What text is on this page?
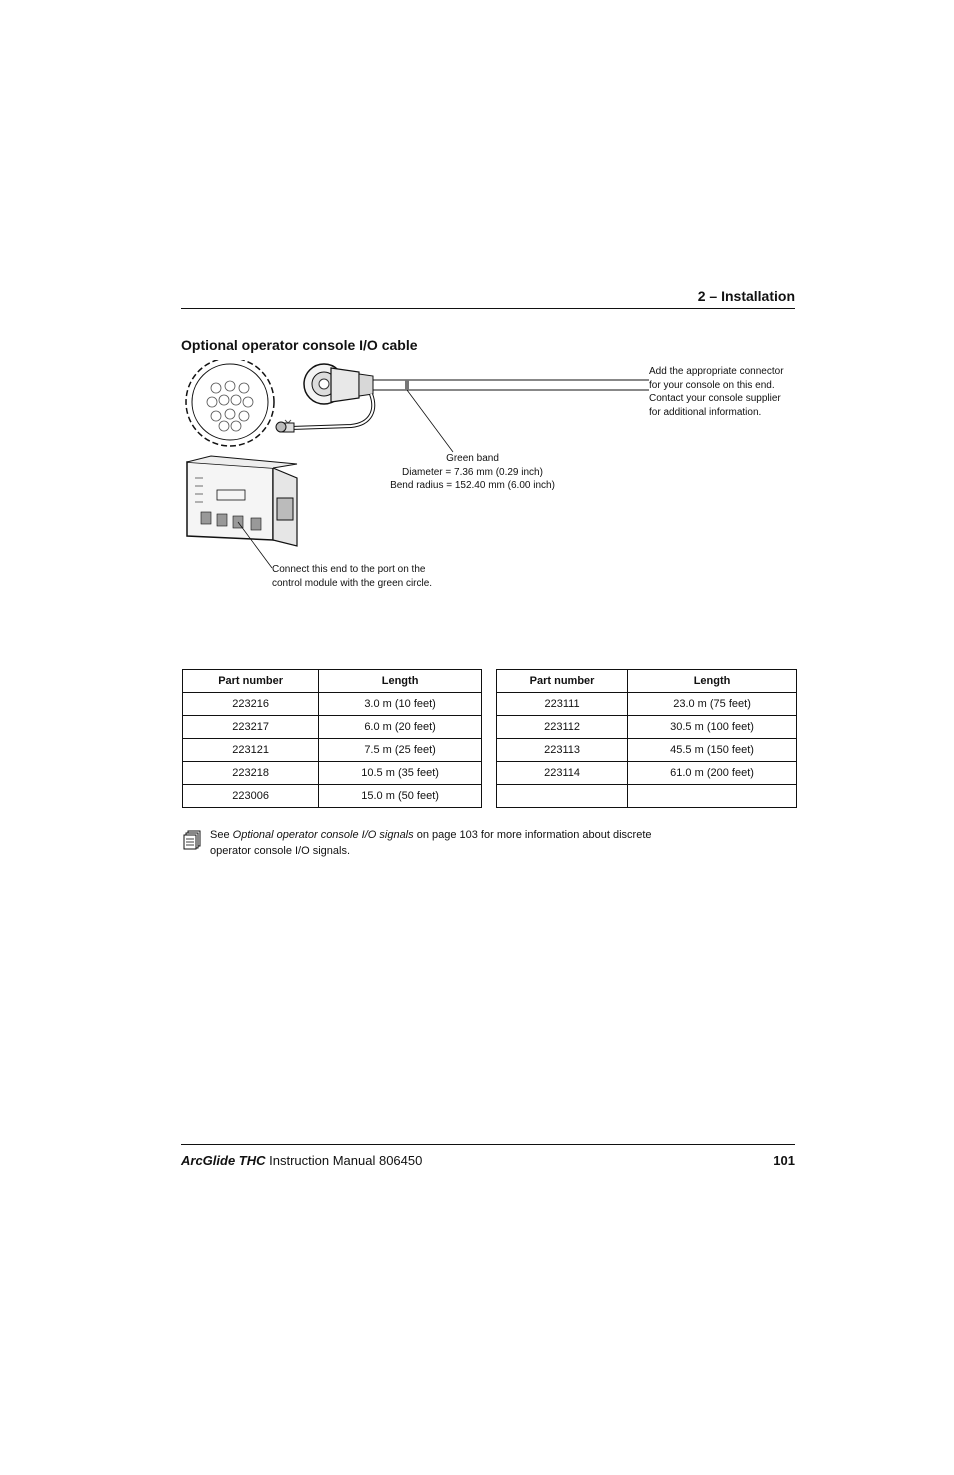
2 – Installation
Optional operator console I/O cable
Add the appropriate connector
for your console on this end.
Contact your console supplier
for additional information.
Green band
Diameter = 7.36 mm (0.29 inch)
Bend radius = 152.40 mm (6.00 inch)
Connect this end to the port on the
control module with the green circle.
Part number	Length
223216	3.0 m (10 feet)
223217	6.0 m (20 feet)
223121	7.5 m (25 feet)
223218	10.5 m (35 feet)
223006	15.0 m (50 feet)
Part number	Length
223111	23.0 m (75 feet)
223112	30.5 m (100 feet)
223113	45.5 m (150 feet)
223114	61.0 m (200 feet)

See Optional operator console I/O signals on page 103 for more information about discrete
operator console I/O signals.
ArcGlide THC Instruction Manual 806450	101
